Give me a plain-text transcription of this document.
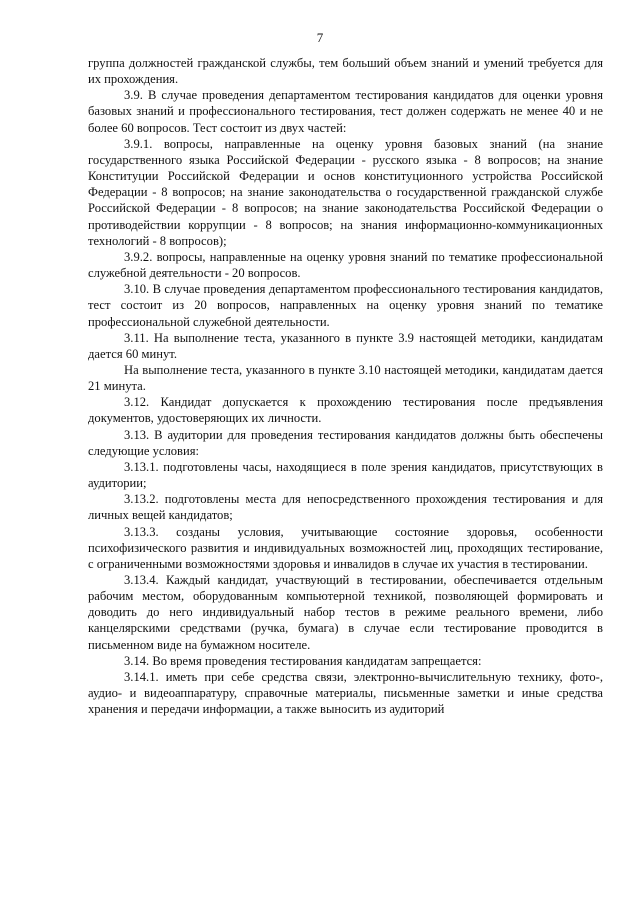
7

группа должностей гражданской службы, тем больший объем знаний и умений требуется для их прохождения.

3.9. В случае проведения департаментом тестирования кандидатов для оценки уровня базовых знаний и профессионального тестирования, тест должен содержать не менее 40 и не более 60 вопросов. Тест состоит из двух частей:

3.9.1. вопросы, направленные на оценку уровня базовых знаний (на знание государственного языка Российской Федерации - русского языка - 8 вопросов; на знание Конституции Российской Федерации и основ конституционного устройства Российской Федерации - 8 вопросов; на знание законодательства о государственной гражданской службе Российской Федерации - 8 вопросов; на знание законодательства Российской Федерации о противодействии коррупции - 8 вопросов; на знания информационно-коммуникационных технологий - 8 вопросов);

3.9.2. вопросы, направленные на оценку уровня знаний по тематике профессиональной служебной деятельности - 20 вопросов.

3.10. В случае проведения департаментом профессионального тестирования кандидатов, тест состоит из 20 вопросов, направленных на оценку уровня знаний по тематике профессиональной служебной деятельности.

3.11. На выполнение теста, указанного в пункте 3.9 настоящей методики, кандидатам дается 60 минут.

На выполнение теста, указанного в пункте 3.10 настоящей методики, кандидатам дается 21 минута.

3.12. Кандидат допускается к прохождению тестирования после предъявления документов, удостоверяющих их личности.

3.13. В аудитории для проведения тестирования кандидатов должны быть обеспечены следующие условия:

3.13.1. подготовлены часы, находящиеся в поле зрения кандидатов, присутствующих в аудитории;

3.13.2. подготовлены места для непосредственного прохождения тестирования и для личных вещей кандидатов;

3.13.3. созданы условия, учитывающие состояние здоровья, особенности психофизического развития и индивидуальных возможностей лиц, проходящих тестирование, с ограниченными возможностями здоровья и инвалидов в случае их участия в тестировании.

3.13.4. Каждый кандидат, участвующий в тестировании, обеспечивается отдельным рабочим местом, оборудованным компьютерной техникой, позволяющей формировать и доводить до него индивидуальный набор тестов в режиме реального времени, либо канцелярскими средствами (ручка, бумага) в случае если тестирование проводится в письменном виде на бумажном носителе.

3.14. Во время проведения тестирования кандидатам запрещается:

3.14.1. иметь при себе средства связи, электронно-вычислительную технику, фото-, аудио- и видеоаппаратуру, справочные материалы, письменные заметки и иные средства хранения и передачи информации, а также выносить из аудиторий
